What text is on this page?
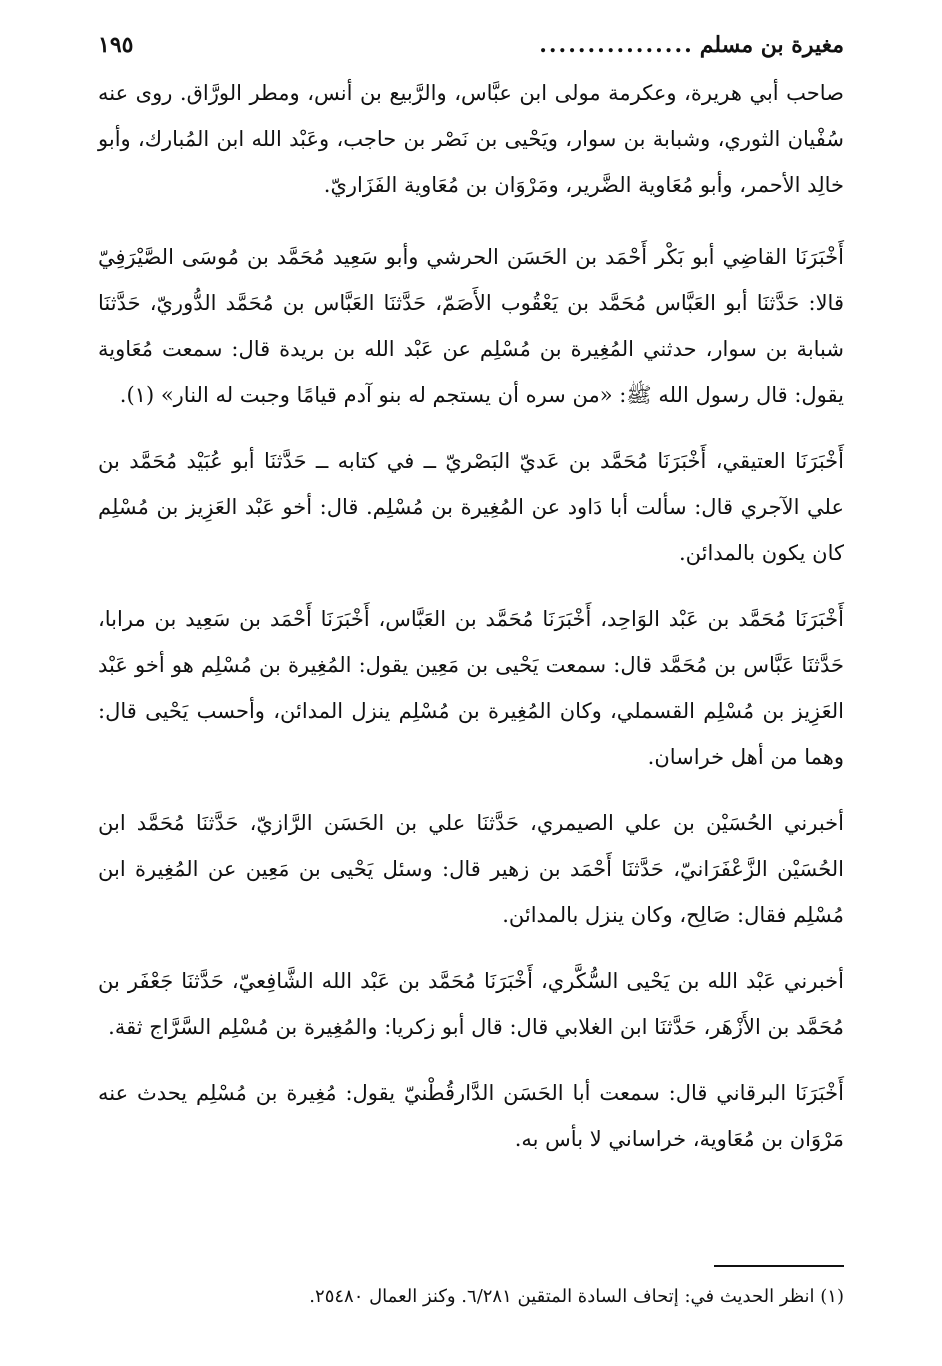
مغيرة بن مسلم
................
١٩٥

صاحب أبي هريرة، وعكرمة مولى ابن عبَّاس، والرَّبيع بن أنس، ومطر الورَّاق. روى عنه سُفْيان الثوري، وشبابة بن سوار، ويَحْيى بن نَصْر بن حاجب، وعَبْد الله ابن المُبارك، وأبو خالِد الأحمر، وأبو مُعَاوية الضَّرير، ومَرْوَان بن مُعَاوية الفَزَاريّ.

أَخْبَرَنَا القاضِي أبو بَكْر أَحْمَد بن الحَسَن الحرشي وأبو سَعِيد مُحَمَّد بن مُوسَى الصَّيْرَفِيّ قالا: حَدَّثنَا أبو العَبَّاس مُحَمَّد بن يَعْقُوب الأَصَمّ، حَدَّثنَا العَبَّاس بن مُحَمَّد الدُّوريّ، حَدَّثنَا شبابة بن سوار، حدثني المُغِيرة بن مُسْلِم عن عَبْد الله بن بريدة قال: سمعت مُعَاوية يقول: قال رسول الله ﷺ: «من سره أن يستجم له بنو آدم قيامًا وجبت له النار» (١).

أَخْبَرَنَا العتيقي، أَخْبَرَنَا مُحَمَّد بن عَديّ البَصْريّ ــ في كتابه ــ حَدَّثنَا أبو عُبَيْد مُحَمَّد بن علي الآجري قال: سألت أبا دَاود عن المُغِيرة بن مُسْلِم. قال: أخو عَبْد العَزِيز بن مُسْلِم كان يكون بالمدائن.

أَخْبَرَنَا مُحَمَّد بن عَبْد الوَاحِد، أَخْبَرَنَا مُحَمَّد بن العَبَّاس، أَخْبَرَنَا أَحْمَد بن سَعِيد بن مرابا، حَدَّثنَا عَبَّاس بن مُحَمَّد قال: سمعت يَحْيى بن مَعِين يقول: المُغِيرة بن مُسْلِم هو أخو عَبْد العَزِيز بن مُسْلِم القسملي، وكان المُغِيرة بن مُسْلِم ينزل المدائن، وأحسب يَحْيى قال: وهما من أهل خراسان.

أخبرني الحُسَيْن بن علي الصيمري، حَدَّثنَا علي بن الحَسَن الرَّازيّ، حَدَّثنَا مُحَمَّد ابن الحُسَيْن الزَّعْفَرَانيّ، حَدَّثنَا أَحْمَد بن زهير قال: وسئل يَحْيى بن مَعِين عن المُغِيرة ابن مُسْلِم فقال: صَالِح، وكان ينزل بالمدائن.

أخبرني عَبْد الله بن يَحْيى السُّكَّري، أَخْبَرَنَا مُحَمَّد بن عَبْد الله الشَّافِعيّ، حَدَّثنَا جَعْفَر بن مُحَمَّد بن الأَزْهَر، حَدَّثنَا ابن الغلابي قال: قال أبو زكريا: والمُغِيرة بن مُسْلِم السَّرَّاج ثقة.

أَخْبَرَنَا البرقاني قال: سمعت أبا الحَسَن الدَّارقُطْنيّ يقول: مُغِيرة بن مُسْلِم يحدث عنه مَرْوَان بن مُعَاوية، خراساني لا بأس به.

(١) انظر الحديث في: إتحاف السادة المتقين ٦/٢٨١. وكنز العمال ٢٥٤٨٠.
